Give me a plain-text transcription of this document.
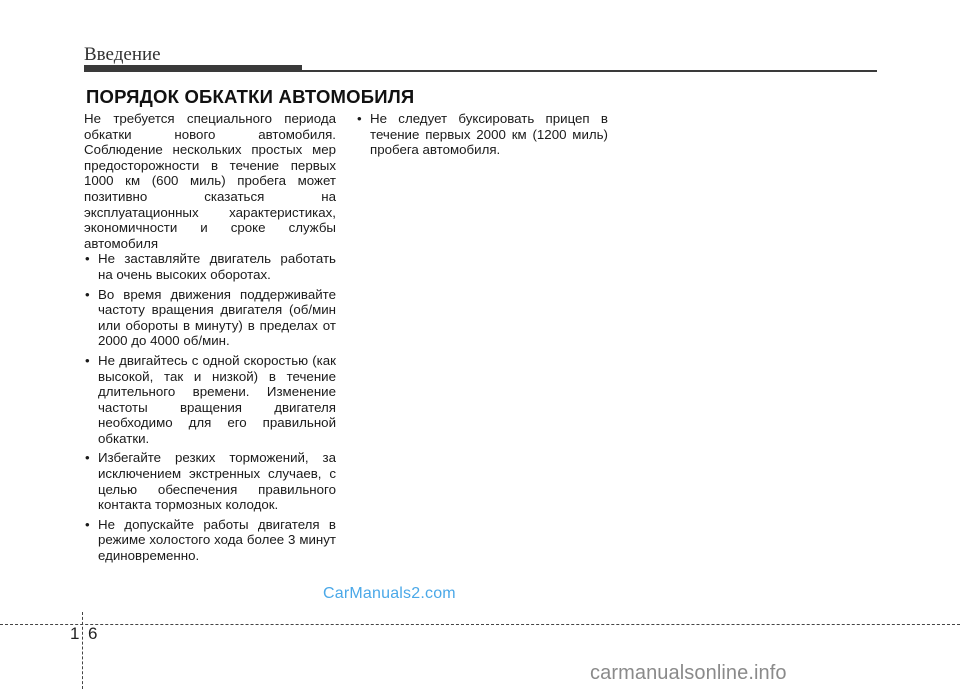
Введение
ПОРЯДОК ОБКАТКИ АВТОМОБИЛЯ

Не требуется специального периода обкатки нового автомобиля. Соблюдение нескольких простых мер предосторожности в течение первых 1000 км (600 миль) пробега может позитивно сказаться на эксплуатационных характеристиках, экономичности и сроке службы автомобиля

• Не заставляйте двигатель работать на очень высоких оборотах.
• Во время движения поддерживайте частоту вращения двигателя (об/мин или обороты в минуту) в пределах от 2000 до 4000 об/мин.
• Не двигайтесь с одной скоростью (как высокой, так и низкой) в течение длительного времени. Изменение частоты вращения двигателя необходимо для его правильной обкатки.
• Избегайте резких торможений, за исключением экстренных случаев, с целью обеспечения правильного контакта тормозных колодок.
• Не допускайте работы двигателя в режиме холостого хода более 3 минут единовременно.
• Не следует буксировать прицеп в течение первых 2000 км (1200 миль) пробега автомобиля.
CarManuals2.com
1 6
carmanualsonline.info
